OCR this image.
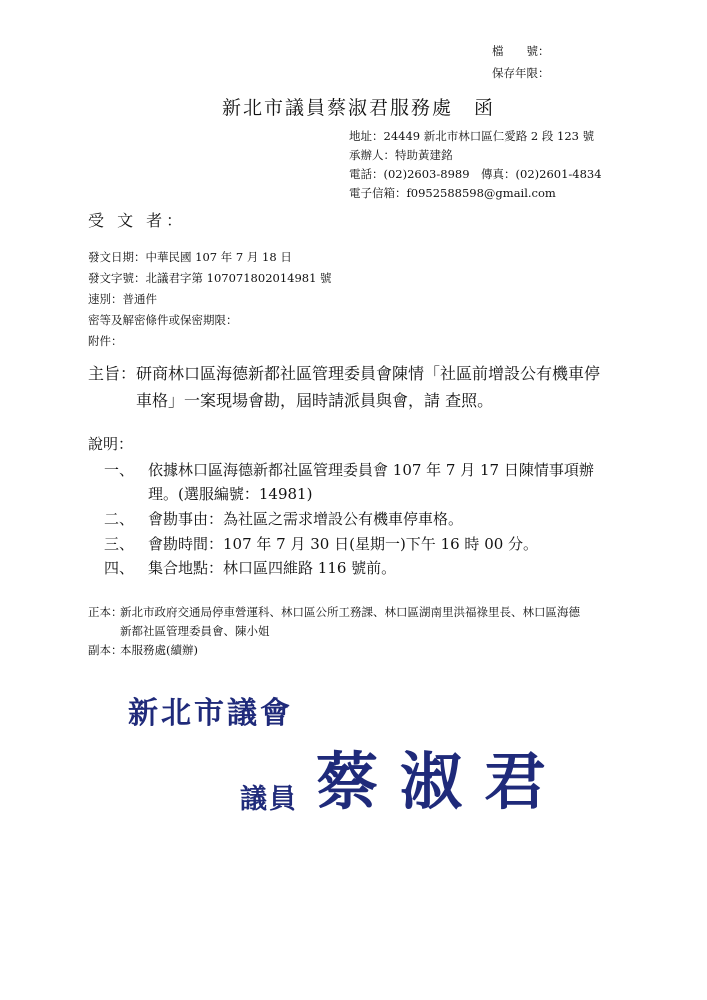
檔　　號：
保存年限：
新北市議員蔡淑君服務處　函
地址：24449 新北市林口區仁愛路 2 段 123 號
承辦人：特助黃建銘
電話：(02)2603-8989　傳真：(02)2601-4834
電子信箱：f0952588598@gmail.com
受 文 者：
發文日期：中華民國 107 年 7 月 18 日
發文字號：北議君字第 107071802014981 號
速別：普通件
密等及解密條件或保密期限：
附件：
主旨： 研商林口區海德新都社區管理委員會陳情「社區前增設公有機車停
車格」一案現場會勘，屆時請派員與會，請 查照。
說明：
一、 依據林口區海德新都社區管理委員會 107 年 7 月 17 日陳情事項辦
理。(選服編號：14981)
二、 會勘事由：為社區之需求增設公有機車停車格。
三、 會勘時間：107 年 7 月 30 日(星期一)下午 16 時 00 分。
四、 集合地點：林口區四維路 116 號前。
正本：
新北市政府交通局停車營運科、林口區公所工務課、林口區湖南里洪福祿里長、林口區海德
新都社區管理委員會、陳小姐
副本：
本服務處(續辦)
新北市議會
議員 蔡淑君
